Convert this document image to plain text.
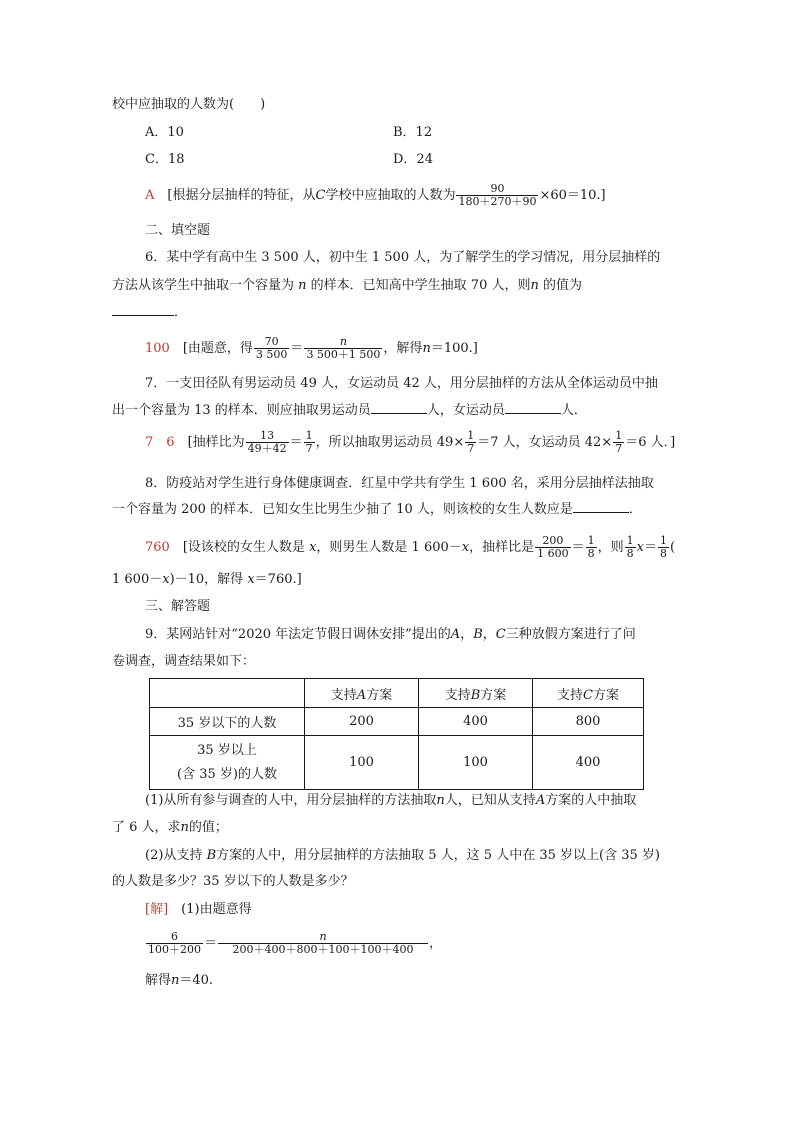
校中应抽取的人数为(　　)
A．10	B．12
C．18	D．24
A　 [根据分层抽样的特征，从C学校中应抽取的人数为 $\frac{90}{180+270+90} \times 60=10$.]
二、填空题
6．某中学有高中生 3 500 人，初中生 1 500 人，为了解学生的学习情况，用分层抽样的
方法从该学生中抽取一个容量为 n 的样本．已知高中学生抽取 70 人，则n 的值为
．
100　 [由题意，得 $\frac{70}{3 500} = \frac{n}{3 500+1 500}$ ，解得n＝100.]
7．一支田径队有男运动员 49 人，女运动员 42 人，用分层抽样的方法从全体运动员中抽
出一个容量为 13 的样本．则应抽取男运动员	人，女运动员	人．
7　6　 [抽样比为 $\frac{13}{49+42} = \frac{1}{7}$ ，所以抽取男运动员 $49\times \frac{1}{7} =7$ 人，女运动员 $42\times \frac{1}{7} =6$ 人．]
8．防疫站对学生进行身体健康调查．红星中学共有学生 1 600 名，采用分层抽样法抽取
一个容量为 200 的样本．已知女生比男生少抽了 10 人，则该校的女生人数应是	．
760　 [设该校的女生人数是 x，则男生人数是 1 600－x，抽样比是 $\frac{200}{1 600} = \frac{1}{8}$ ，则 $\frac{1}{8} x= \frac{1}{8}$ (
1 600－x)－10，解得 x＝760.]
三、解答题
9．某网站针对“2020 年法定节假日调休安排”提出的A，B，C三种放假方案进行了问
卷调查，调查结果如下：
	支持A方案	支持B方案	支持C方案
35 岁以下的人数	200	400	800
35 岁以上
(含 35 岁)的人数	100	100	400
(1)从所有参与调查的人中，用分层抽样的方法抽取n人，已知从支持A方案的人中抽取
了 6 人，求n的值；
(2)从支持 B方案的人中，用分层抽样的方法抽取 5 人，这 5 人中在 35 岁以上(含 35 岁)
的人数是多少？35 岁以下的人数是多少？
[解]　 (1)由题意得
$\frac{6}{100+200} = \frac{n}{200+400+800+100+100+400}$ ，
解得n＝40.
